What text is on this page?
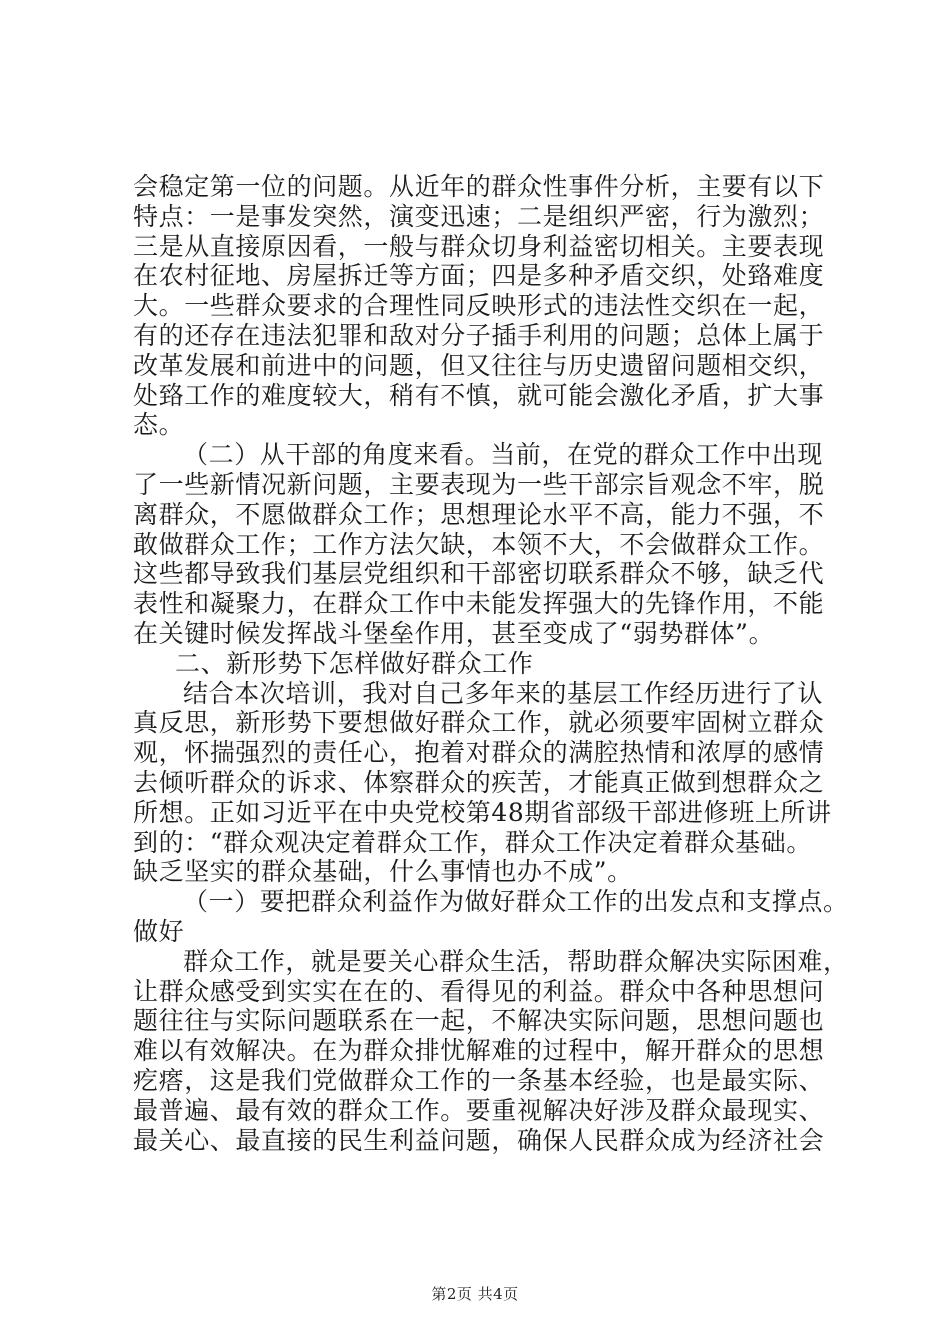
会稳定第一位的问题。从近年的群众性事件分析，主要有以下
特点：一是事发突然，演变迅速；二是组织严密，行为激烈；
三是从直接原因看，一般与群众切身利益密切相关。主要表现
在农村征地、房屋拆迁等方面；四是多种矛盾交织，处臵难度
大。一些群众要求的合理性同反映形式的违法性交织在一起，
有的还存在违法犯罪和敌对分子插手利用的问题；总体上属于
改革发展和前进中的问题，但又往往与历史遗留问题相交织，
处臵工作的难度较大，稍有不慎，就可能会激化矛盾，扩大事
态。
（二）从干部的角度来看。当前，在党的群众工作中出现
了一些新情况新问题，主要表现为一些干部宗旨观念不牢，脱
离群众，不愿做群众工作；思想理论水平不高，能力不强，不
敢做群众工作；工作方法欠缺，本领不大，不会做群众工作。
这些都导致我们基层党组织和干部密切联系群众不够，缺乏代
表性和凝聚力，在群众工作中未能发挥强大的先锋作用，不能
在关键时候发挥战斗堡垒作用，甚至变成了“弱势群体”。
二、新形势下怎样做好群众工作
结合本次培训，我对自己多年来的基层工作经历进行了认
真反思，新形势下要想做好群众工作，就必须要牢固树立群众
观，怀揣强烈的责任心，抱着对群众的满腔热情和浓厚的感情
去倾听群众的诉求、体察群众的疾苦，才能真正做到想群众之
所想。正如习近平在中央党校第48期省部级干部进修班上所讲
到的：“群众观决定着群众工作，群众工作决定着群众基础。
缺乏坚实的群众基础，什么事情也办不成”。
（一）要把群众利益作为做好群众工作的出发点和支撑点。
做好
群众工作，就是要关心群众生活，帮助群众解决实际困难，
让群众感受到实实在在的、看得见的利益。群众中各种思想问
题往往与实际问题联系在一起，不解决实际问题，思想问题也
难以有效解决。在为群众排忧解难的过程中，解开群众的思想
疙瘩，这是我们党做群众工作的一条基本经验，也是最实际、
最普遍、最有效的群众工作。要重视解决好涉及群众最现实、
最关心、最直接的民生利益问题，确保人民群众成为经济社会
第2页 共4页
